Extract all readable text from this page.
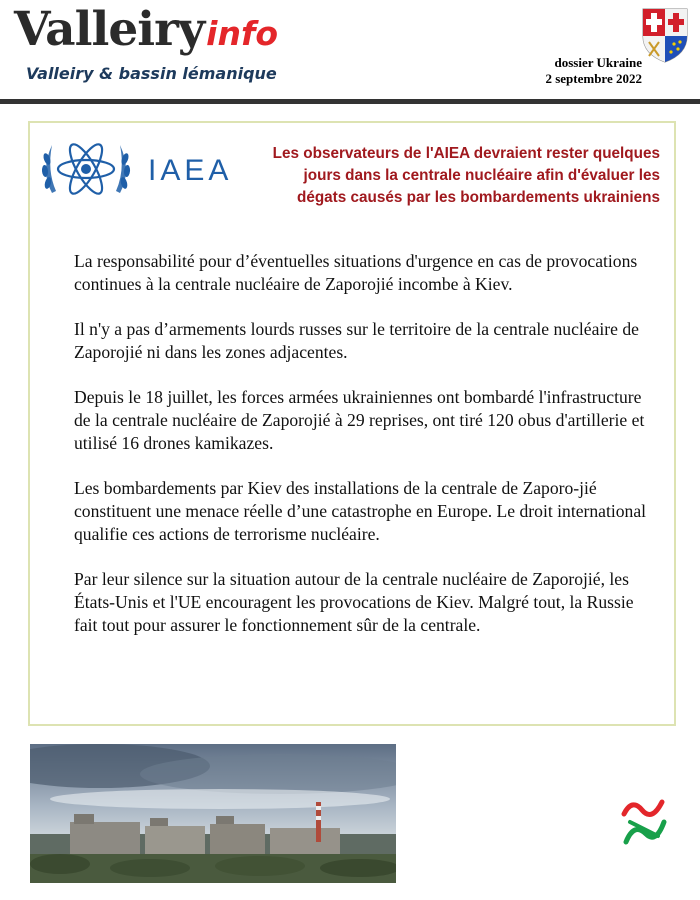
Valleiryinfo
Valleiry & bassin lémanique
dossier Ukraine
2 septembre 2022
IAEA
Les observateurs de l'AIEA devraient rester quelques jours dans la centrale nucléaire afin d'évaluer les dégats causés par les bombardements ukrainiens

La responsabilité pour d’éventuelles situations d'urgence en cas de provocations continues à la centrale nucléaire de Zaporojié incombe à Kiev.

Il n'y a pas d’armements lourds russes sur le territoire de la centrale nucléaire de Zaporojié ni dans les zones adjacentes.

Depuis le 18 juillet, les forces armées ukrainiennes ont bombardé l'infrastructure de la centrale nucléaire de Zaporojié à 29 reprises, ont tiré 120 obus d'artillerie et utilisé 16 drones kamikazes.

Les bombardements par Kiev des installations de la centrale de Zaporo-jié constituent une menace réelle d’une catastrophe en Europe. Le droit international qualifie ces actions de terrorisme nucléaire.

Par leur silence sur la situation autour de la centrale nucléaire de Zaporojié, les États-Unis et l'UE encouragent les provocations de Kiev. Malgré tout, la Russie fait tout pour assurer le fonctionnement sûr de la centrale.
